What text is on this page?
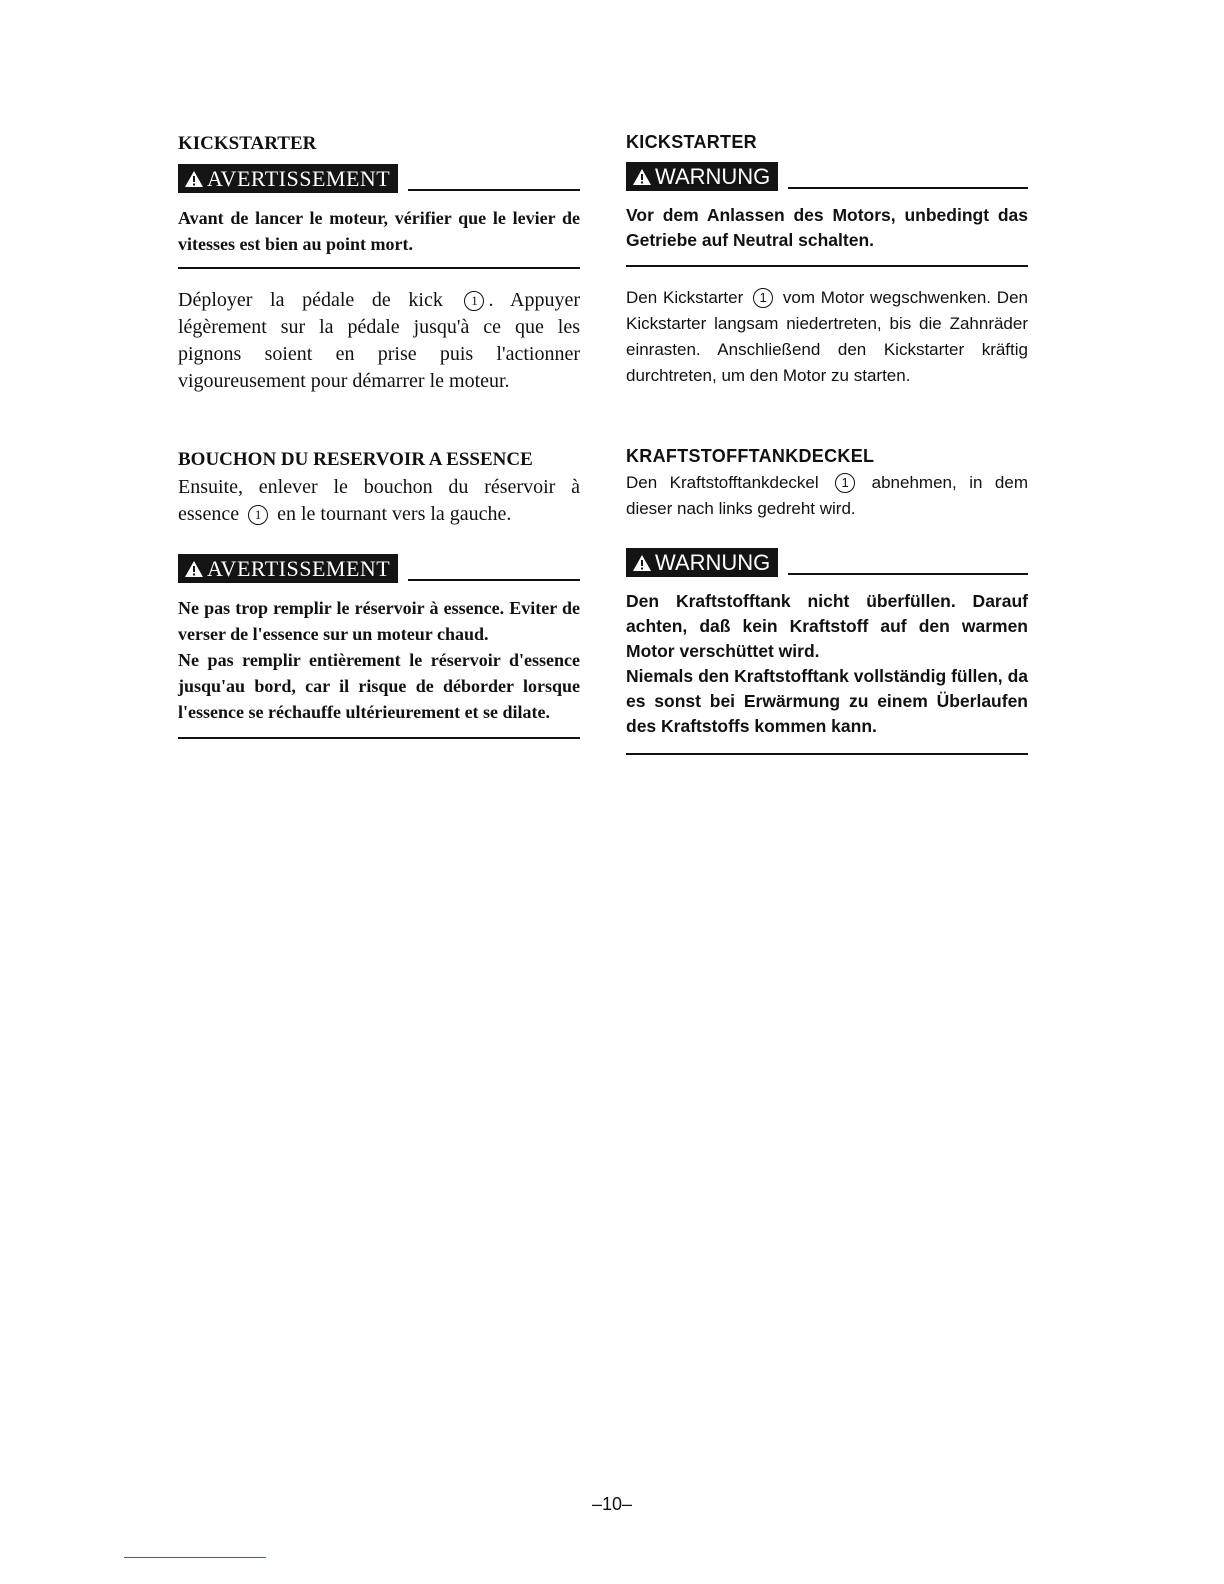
KICKSTARTER

AVERTISSEMENT

Avant de lancer le moteur, vérifier que le levier de vitesses est bien au point mort.

Déployer la pédale de kick 1 . Appuyer légèrement sur la pédale jusqu'à ce que les pignons soient en prise puis l'actionner vigoureusement pour démarrer le moteur.

BOUCHON DU RESERVOIR A ESSENCE

Ensuite, enlever le bouchon du réservoir à essence 1 en le tournant vers la gauche.

AVERTISSEMENT

Ne pas trop remplir le réservoir à essence. Eviter de verser de l'essence sur un moteur chaud.

Ne pas remplir entièrement le réservoir d'essence jusqu'au bord, car il risque de déborder lorsque l'essence se réchauffe ultérieurement et se dilate.

KICKSTARTER

WARNUNG

Vor dem Anlassen des Motors, unbedingt das Getriebe auf Neutral schalten.

Den Kickstarter 1 vom Motor wegschwenken. Den Kickstarter langsam niedertreten, bis die Zahnräder einrasten. Anschließend den Kickstarter kräftig durchtreten, um den Motor zu starten.

KRAFTSTOFFTANKDECKEL

Den Kraftstofftankdeckel 1 abnehmen, in dem dieser nach links gedreht wird.

WARNUNG

Den Kraftstofftank nicht überfüllen. Darauf achten, daß kein Kraftstoff auf den warmen Motor verschüttet wird.

Niemals den Kraftstofftank vollständig füllen, da es sonst bei Erwärmung zu einem Überlaufen des Kraftstoffs kommen kann.

–10–
